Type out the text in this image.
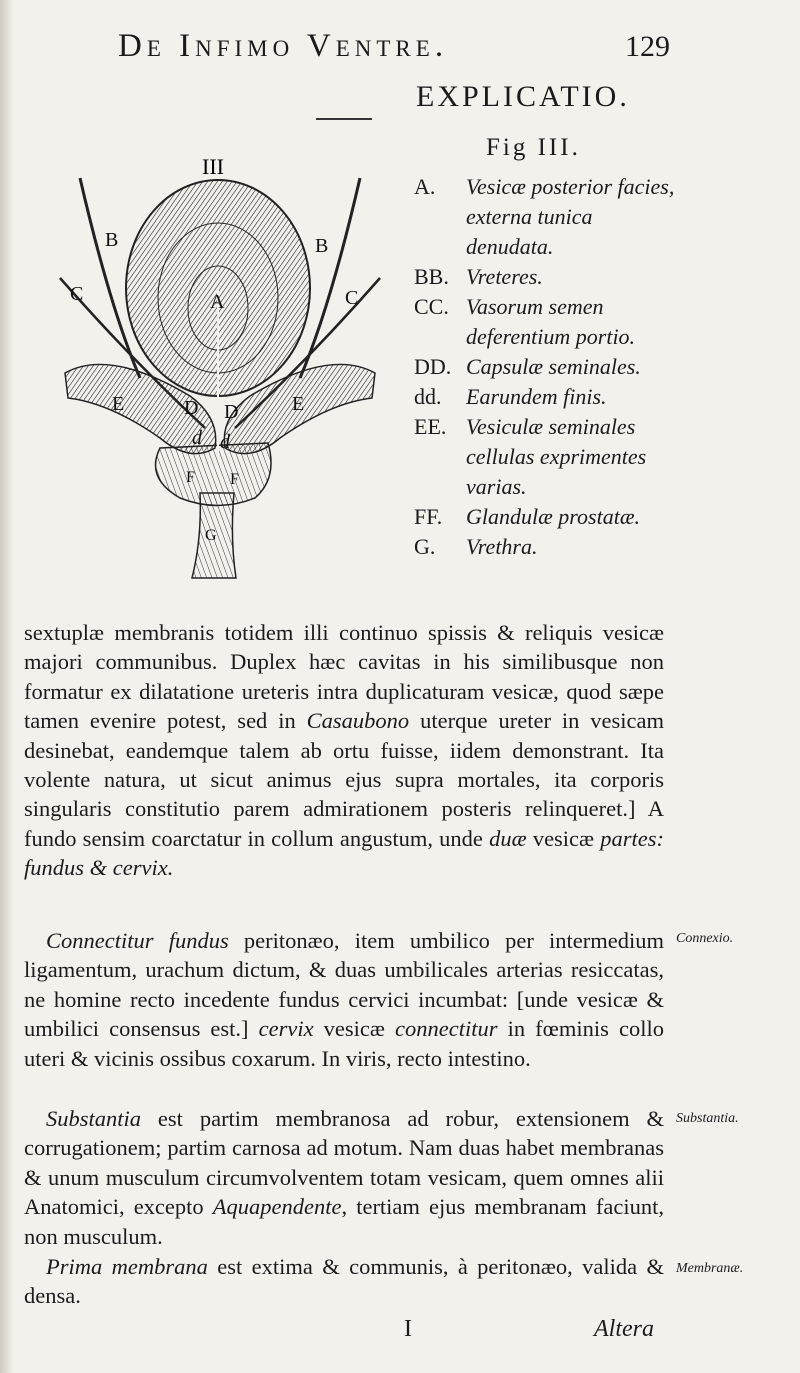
De Infimo Ventre.	129
EXPLICATIO.
Fig III.
III
A
B	B
C	C
D D
d d
E	E
F F
G
A.	Vesicæ posterior facies, externa tunica denudata.
BB. Vreteres.
CC. Vasorum semen deferentium portio.
DD. Capsulæ seminales.
dd.	Earundem finis.
EE. Vesiculæ seminales cellulas exprimentes varias.
FF.	Glandulæ prostatæ.
G.	Vrethra.

sextuplæ membranis totidem illi continuo spissis & reliquis vesicæ majori communibus. Duplex hæc cavitas in his similibusque non formatur ex dilatatione ureteris intra duplicaturam vesicæ, quod sæpe tamen evenire potest, sed in Casaubono uterque ureter in vesicam desinebat, eandemque talem ab ortu fuisse, iidem demonstrant. Ita volente natura, ut sicut animus ejus supra mortales, ita corporis singularis constitutio parem admirationem posteris relinqueret.] A fundo sensim coarctatur in collum angustum, unde duæ vesicæ partes: fundus & cervix.

Connectitur fundus peritonæo, item umbilico per intermedium ligamentum, urachum dictum, & duas umbilicales arterias resiccatas, ne homine recto incedente fundus cervici incumbat: [unde vesicæ & umbilici consensus est.] cervix vesicæ connectitur in fœminis collo uteri & vicinis ossibus coxarum. In viris, recto intestino.

Substantia est partim membranosa ad robur, extensionem & corrugationem; partim carnosa ad motum. Nam duas habet membranas & unum musculum circumvolventem totam vesicam, quem omnes alii Anatomici, excepto Aquapendente, tertiam ejus membranam faciunt, non musculum.

Prima membrana est extima & communis, à peritonæo, valida & densa.

Connexio.
Substantia.
Membranæ.
I	Altera
